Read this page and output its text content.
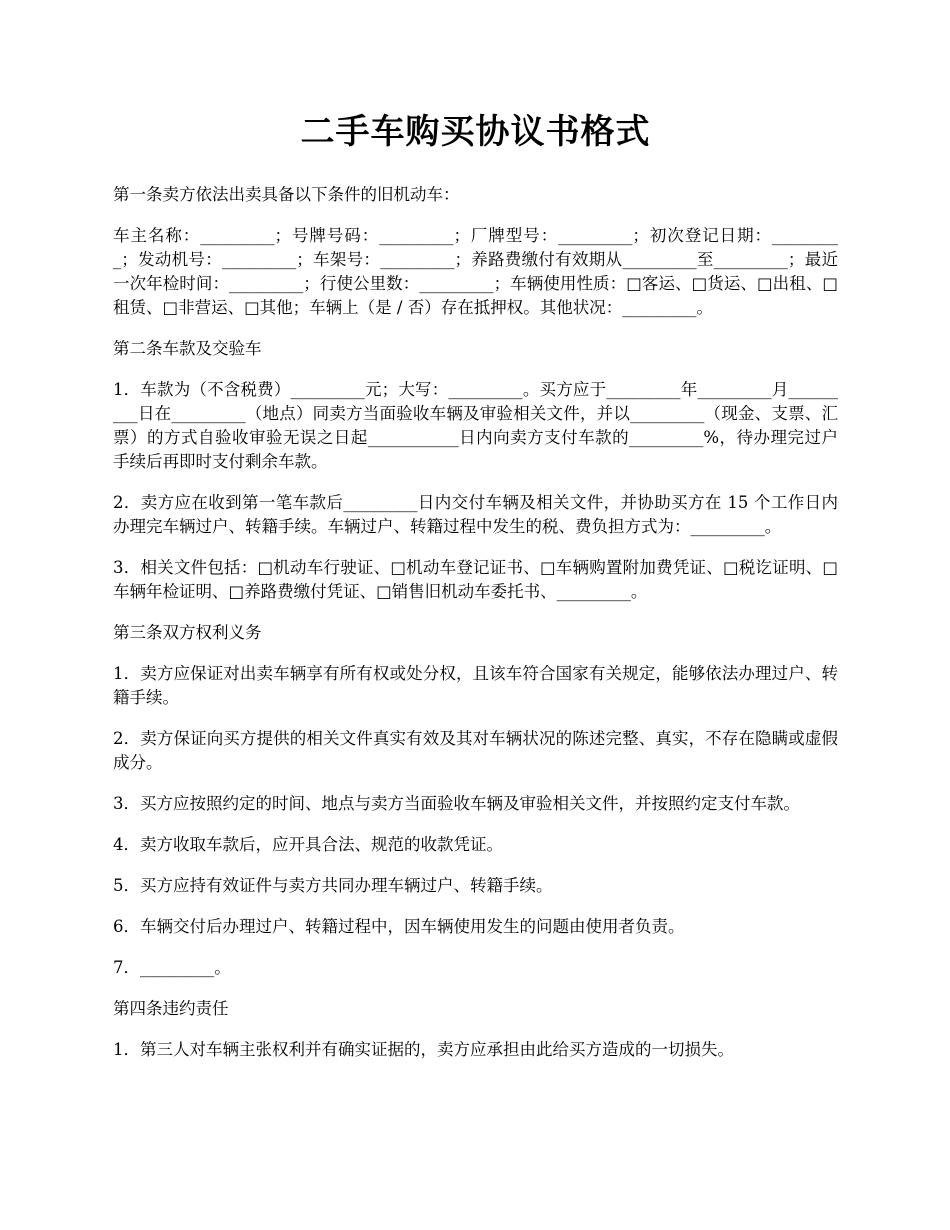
二手车购买协议书格式

第一条卖方依法出卖具备以下条件的旧机动车：

车主名称：_________；号牌号码：_________；厂牌型号：_________；初次登记日期：_________；发动机号：_________；车架号：_________；养路费缴付有效期从_________至_________；最近一次年检时间：_________；行使公里数：_________；车辆使用性质：□客运、□货运、□出租、□租赁、□非营运、□其他；车辆上（是 / 否）存在抵押权。其他状况：_________。

第二条车款及交验车

1．车款为（不含税费）_________元；大写：_________。买方应于_________年_________月_________日在_________（地点）同卖方当面验收车辆及审验相关文件，并以_________（现金、支票、汇票）的方式自验收审验无误之日起___________日内向卖方支付车款的_________%，待办理完过户手续后再即时支付剩余车款。

2．卖方应在收到第一笔车款后_________日内交付车辆及相关文件，并协助买方在 15 个工作日内办理完车辆过户、转籍手续。车辆过户、转籍过程中发生的税、费负担方式为：_________。

3．相关文件包括：□机动车行驶证、□机动车登记证书、□车辆购置附加费凭证、□税讫证明、□车辆年检证明、□养路费缴付凭证、□销售旧机动车委托书、_________。

第三条双方权利义务

1．卖方应保证对出卖车辆享有所有权或处分权，且该车符合国家有关规定，能够依法办理过户、转籍手续。

2．卖方保证向买方提供的相关文件真实有效及其对车辆状况的陈述完整、真实，不存在隐瞒或虚假成分。

3．买方应按照约定的时间、地点与卖方当面验收车辆及审验相关文件，并按照约定支付车款。

4．卖方收取车款后，应开具合法、规范的收款凭证。

5．买方应持有效证件与卖方共同办理车辆过户、转籍手续。

6．车辆交付后办理过户、转籍过程中，因车辆使用发生的问题由使用者负责。

7．_________。

第四条违约责任

1．第三人对车辆主张权利并有确实证据的，卖方应承担由此给买方造成的一切损失。
